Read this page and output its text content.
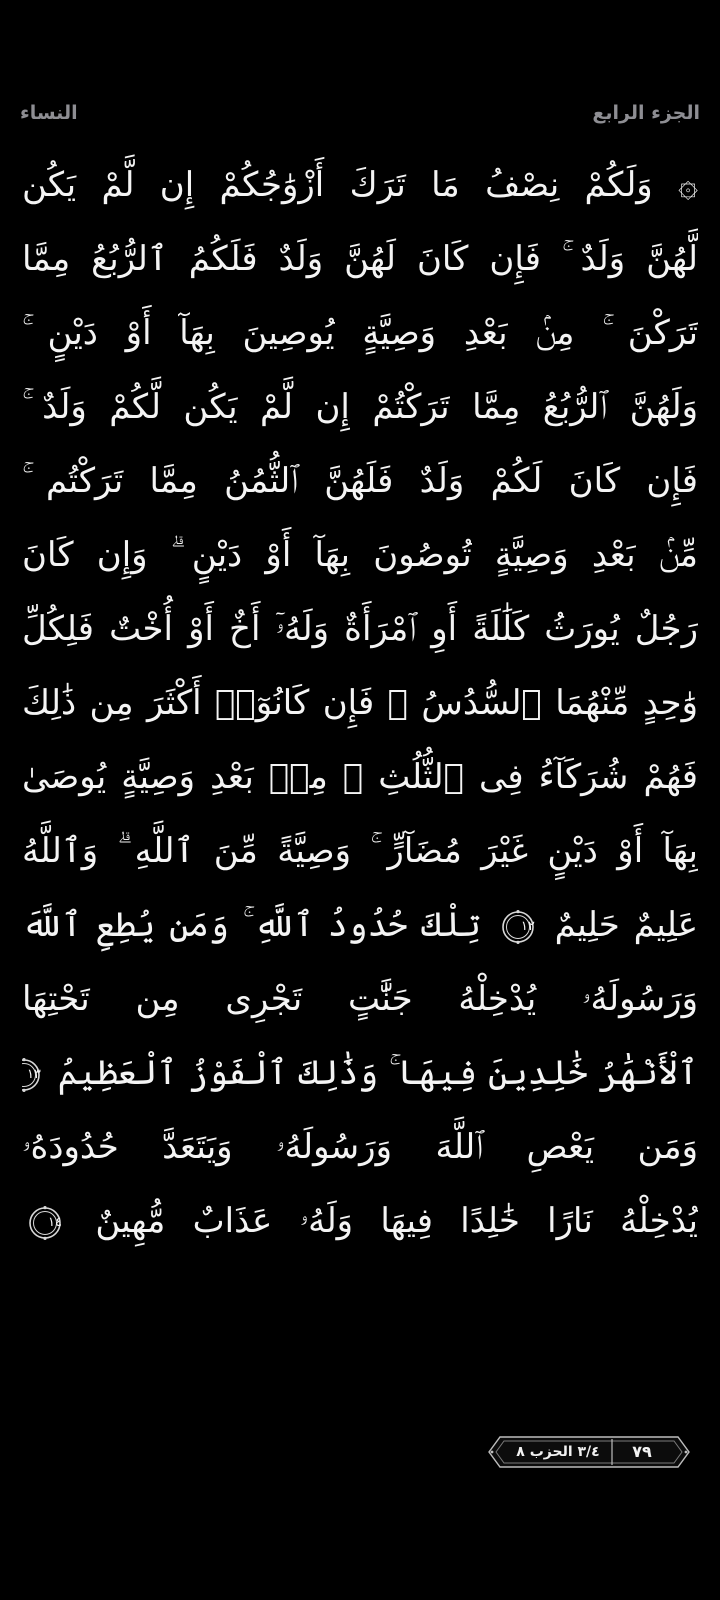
النساء	الجزء الرابع
۞ وَلَكُمْ نِصْفُ مَا تَرَكَ أَزْوَٰجُكُمْ إِن لَّمْ يَكُن
لَّهُنَّ وَلَدٌ ۚ فَإِن كَانَ لَهُنَّ وَلَدٌ فَلَكُمُ ٱلرُّبُعُ مِمَّا
تَرَكْنَ ۚ مِنۢ بَعْدِ وَصِيَّةٍ يُوصِينَ بِهَآ أَوْ دَيْنٍ ۚ
وَلَهُنَّ ٱلرُّبُعُ مِمَّا تَرَكْتُمْ إِن لَّمْ يَكُن لَّكُمْ وَلَدٌ ۚ
فَإِن كَانَ لَكُمْ وَلَدٌ فَلَهُنَّ ٱلثُّمُنُ مِمَّا تَرَكْتُم ۚ
مِّنۢ بَعْدِ وَصِيَّةٍ تُوصُونَ بِهَآ أَوْ دَيْنٍ ۗ وَإِن كَانَ
رَجُلٌ يُورَثُ كَلَٰلَةً أَوِ ٱمْرَأَةٌ وَلَهُۥٓ أَخٌ أَوْ أُخْتٌ فَلِكُلِّ
وَٰحِدٍ مِّنْهُمَا ٱلسُّدُسُ ۚ فَإِن كَانُوٓا۟ أَكْثَرَ مِن ذَٰلِكَ
فَهُمْ شُرَكَآءُ فِى ٱلثُّلُثِ ۚ مِنۢ بَعْدِ وَصِيَّةٍ يُوصَىٰ
بِهَآ أَوْ دَيْنٍ غَيْرَ مُضَآرٍّ ۚ وَصِيَّةً مِّنَ ٱللَّهِ ۗ وَٱللَّهُ
عَلِيمٌ حَلِيمٌ
١٢
تِلْكَ حُدُودُ ٱللَّهِ ۚ وَمَن يُطِعِ ٱللَّهَ
وَرَسُولَهُۥ يُدْخِلْهُ جَنَّٰتٍ تَجْرِى مِن تَحْتِهَا
ٱلْأَنْهَٰرُ خَٰلِدِينَ فِيهَا ۚ وَذَٰلِكَ ٱلْفَوْزُ ٱلْعَظِيمُ
١٣
وَمَن يَعْصِ ٱللَّهَ وَرَسُولَهُۥ وَيَتَعَدَّ حُدُودَهُۥ
يُدْخِلْهُ نَارًا خَٰلِدًا فِيهَا وَلَهُۥ عَذَابٌ مُّهِينٌ
١٤
٣/٤ الحزب ٨	٧٩
